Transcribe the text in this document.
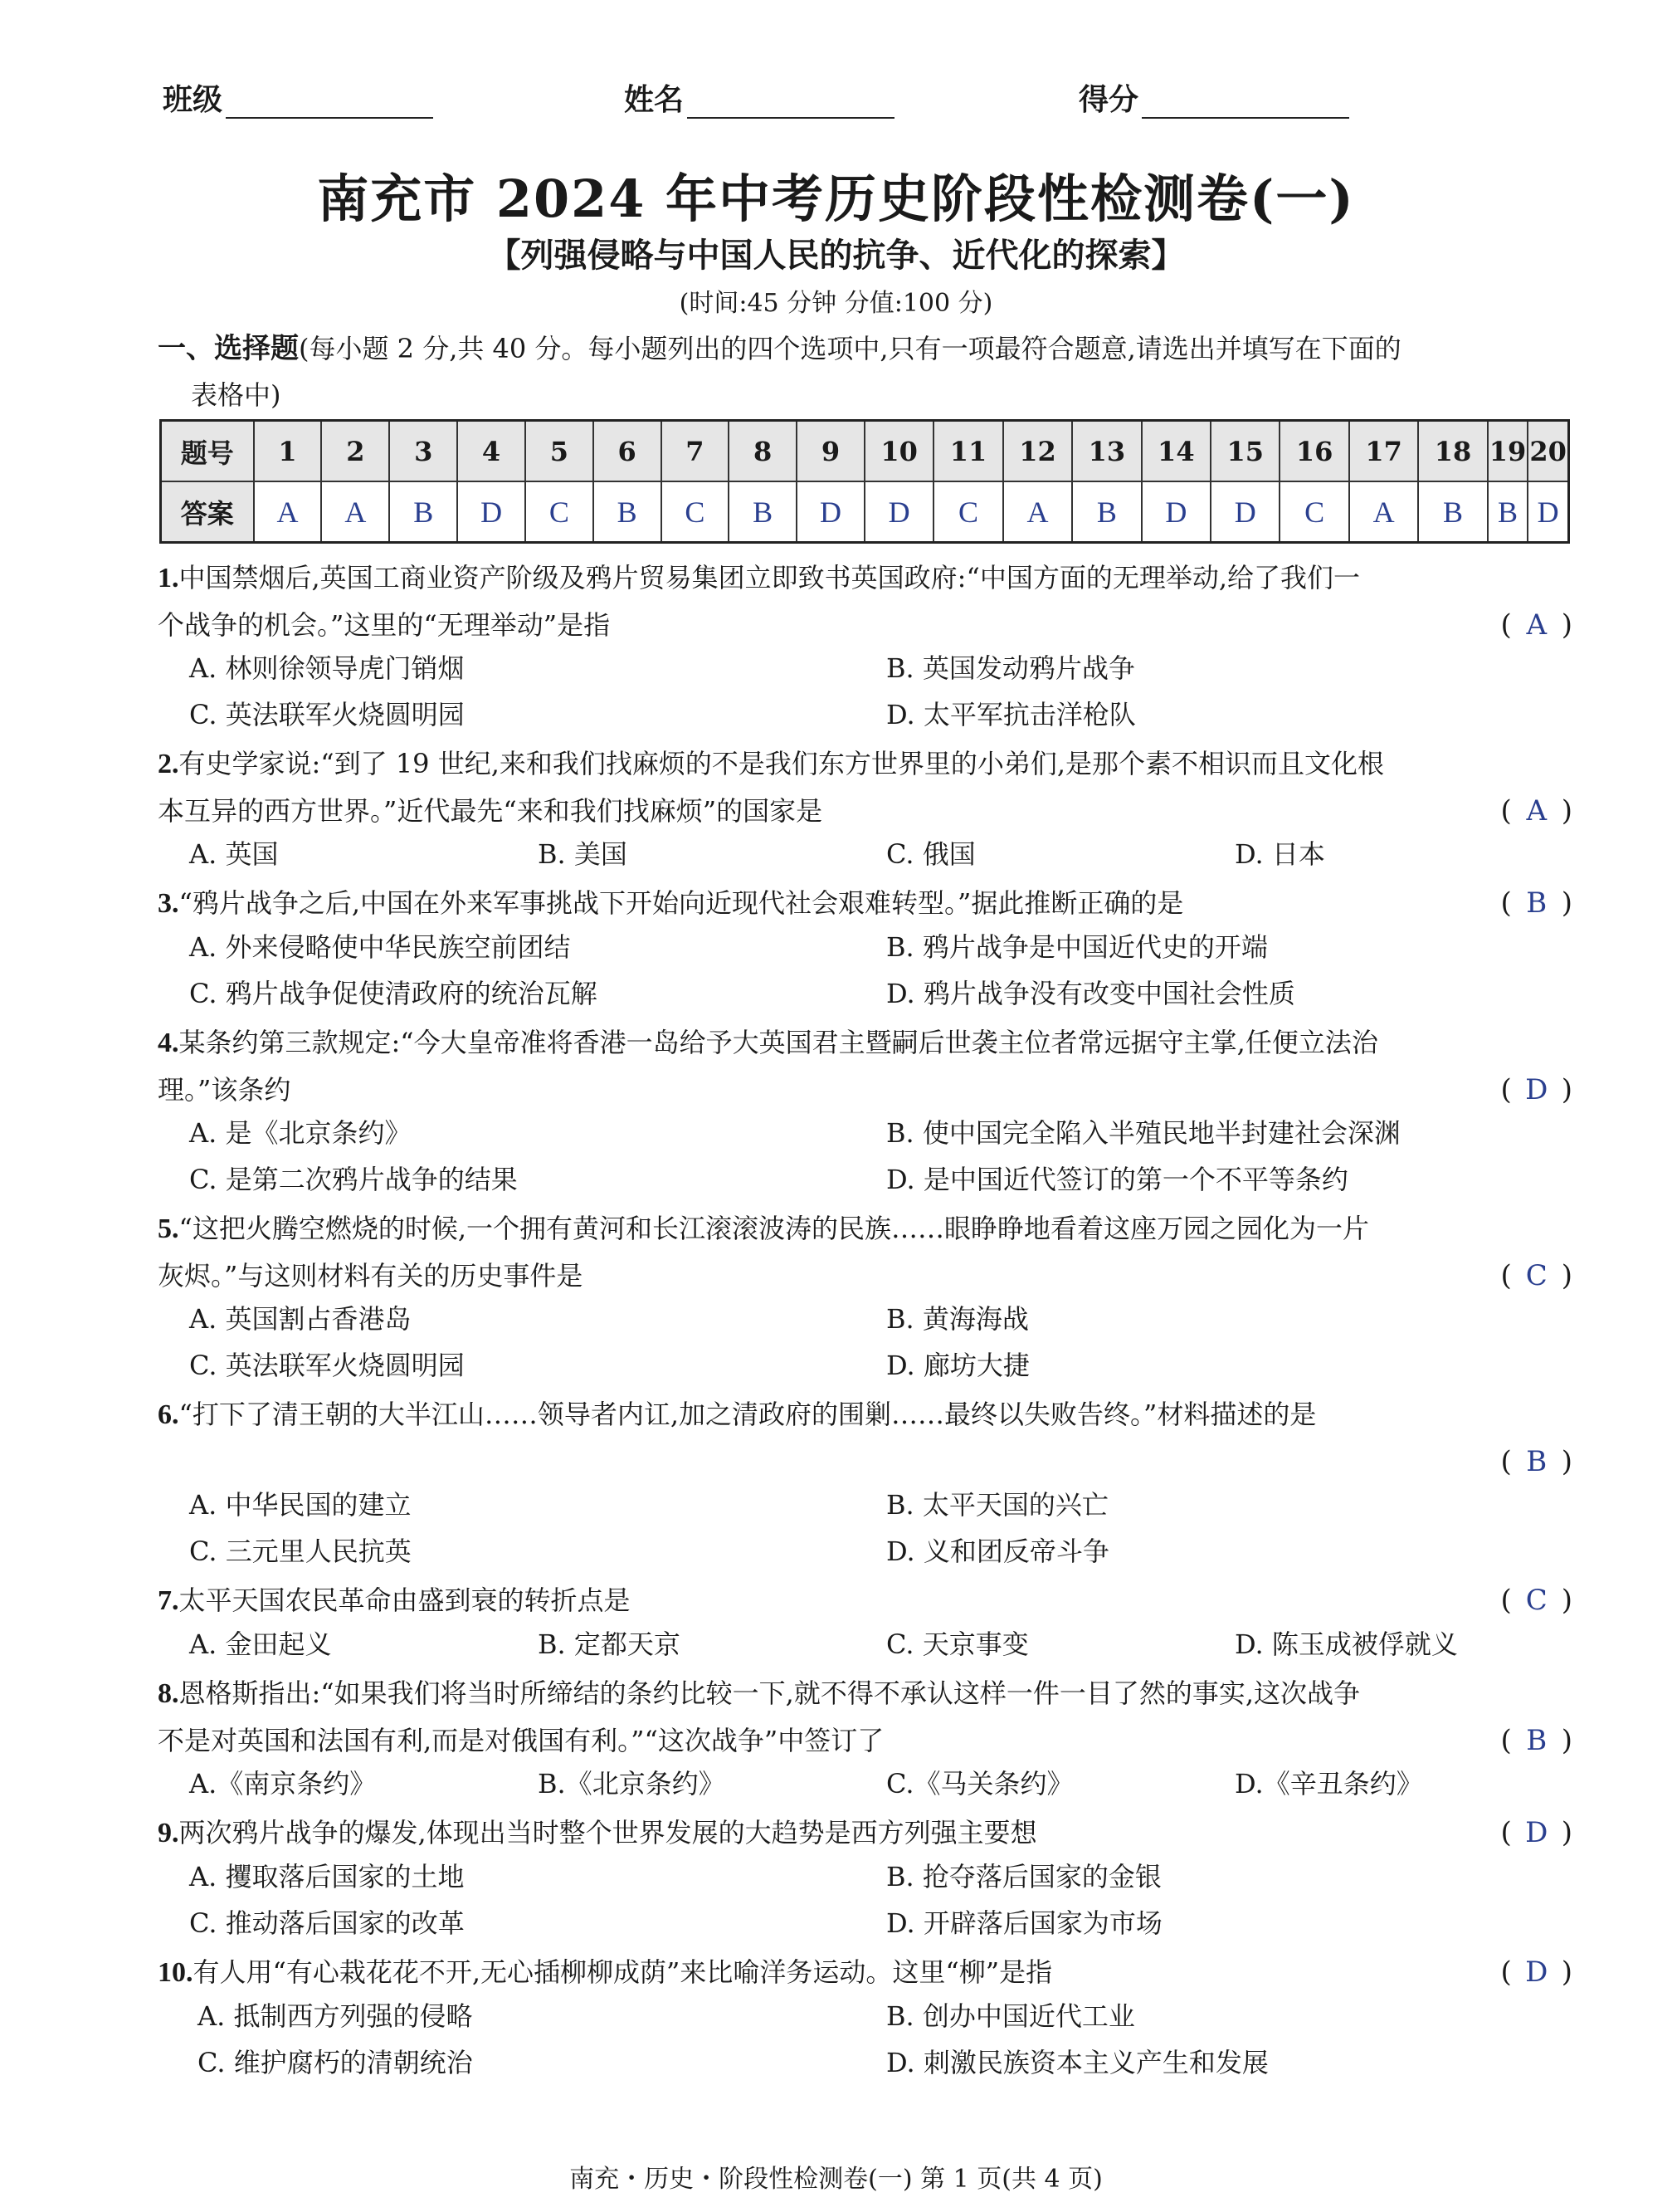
班级	姓名	得分
南充市 2024 年中考历史阶段性检测卷(一)
【列强侵略与中国人民的抗争、近代化的探索】
(时间:45 分钟 分值:100 分)
一、选择题(每小题 2 分,共 40 分。每小题列出的四个选项中,只有一项最符合题意,请选出并填写在下面的
表格中)
题号	1	2	3	4	5	6	7	8	9	10	11	12	13	14	15	16	17	18	19	20
答案	A	A	B	D	C	B	C	B	D	D	C	A	B	D	D	C	A	B	B	D
1.中国禁烟后,英国工商业资产阶级及鸦片贸易集团立即致书英国政府:“中国方面的无理举动,给了我们一
个战争的机会。”这里的“无理举动”是指	( A )
A. 林则徐领导虎门销烟	B. 英国发动鸦片战争
C. 英法联军火烧圆明园	D. 太平军抗击洋枪队
2.有史学家说:“到了 19 世纪,来和我们找麻烦的不是我们东方世界里的小弟们,是那个素不相识而且文化根
本互异的西方世界。”近代最先“来和我们找麻烦”的国家是	( A )
A. 英国	B. 美国	C. 俄国	D. 日本
3.“鸦片战争之后,中国在外来军事挑战下开始向近现代社会艰难转型。”据此推断正确的是	( B )
A. 外来侵略使中华民族空前团结	B. 鸦片战争是中国近代史的开端
C. 鸦片战争促使清政府的统治瓦解	D. 鸦片战争没有改变中国社会性质
4.某条约第三款规定:“今大皇帝准将香港一岛给予大英国君主暨嗣后世袭主位者常远据守主掌,任便立法治
理。”该条约	( D )
A. 是《北京条约》	B. 使中国完全陷入半殖民地半封建社会深渊
C. 是第二次鸦片战争的结果	D. 是中国近代签订的第一个不平等条约
5.“这把火腾空燃烧的时候,一个拥有黄河和长江滚滚波涛的民族……眼睁睁地看着这座万园之园化为一片
灰烬。”与这则材料有关的历史事件是	( C )
A. 英国割占香港岛	B. 黄海海战
C. 英法联军火烧圆明园	D. 廊坊大捷
6.“打下了清王朝的大半江山……领导者内讧,加之清政府的围剿……最终以失败告终。”材料描述的是
( B )
A. 中华民国的建立	B. 太平天国的兴亡
C. 三元里人民抗英	D. 义和团反帝斗争
7.太平天国农民革命由盛到衰的转折点是	( C )
A. 金田起义	B. 定都天京	C. 天京事变	D. 陈玉成被俘就义
8.恩格斯指出:“如果我们将当时所缔结的条约比较一下,就不得不承认这样一件一目了然的事实,这次战争
不是对英国和法国有利,而是对俄国有利。”“这次战争”中签订了	( B )
A.《南京条约》	B.《北京条约》	C.《马关条约》	D.《辛丑条约》
9.两次鸦片战争的爆发,体现出当时整个世界发展的大趋势是西方列强主要想	( D )
A. 攫取落后国家的土地	B. 抢夺落后国家的金银
C. 推动落后国家的改革	D. 开辟落后国家为市场
10.有人用“有心栽花花不开,无心插柳柳成荫”来比喻洋务运动。这里“柳”是指	( D )
A. 抵制西方列强的侵略	B. 创办中国近代工业
C. 维护腐朽的清朝统治	D. 刺激民族资本主义产生和发展
南充・历史・阶段性检测卷(一) 第 1 页(共 4 页)
